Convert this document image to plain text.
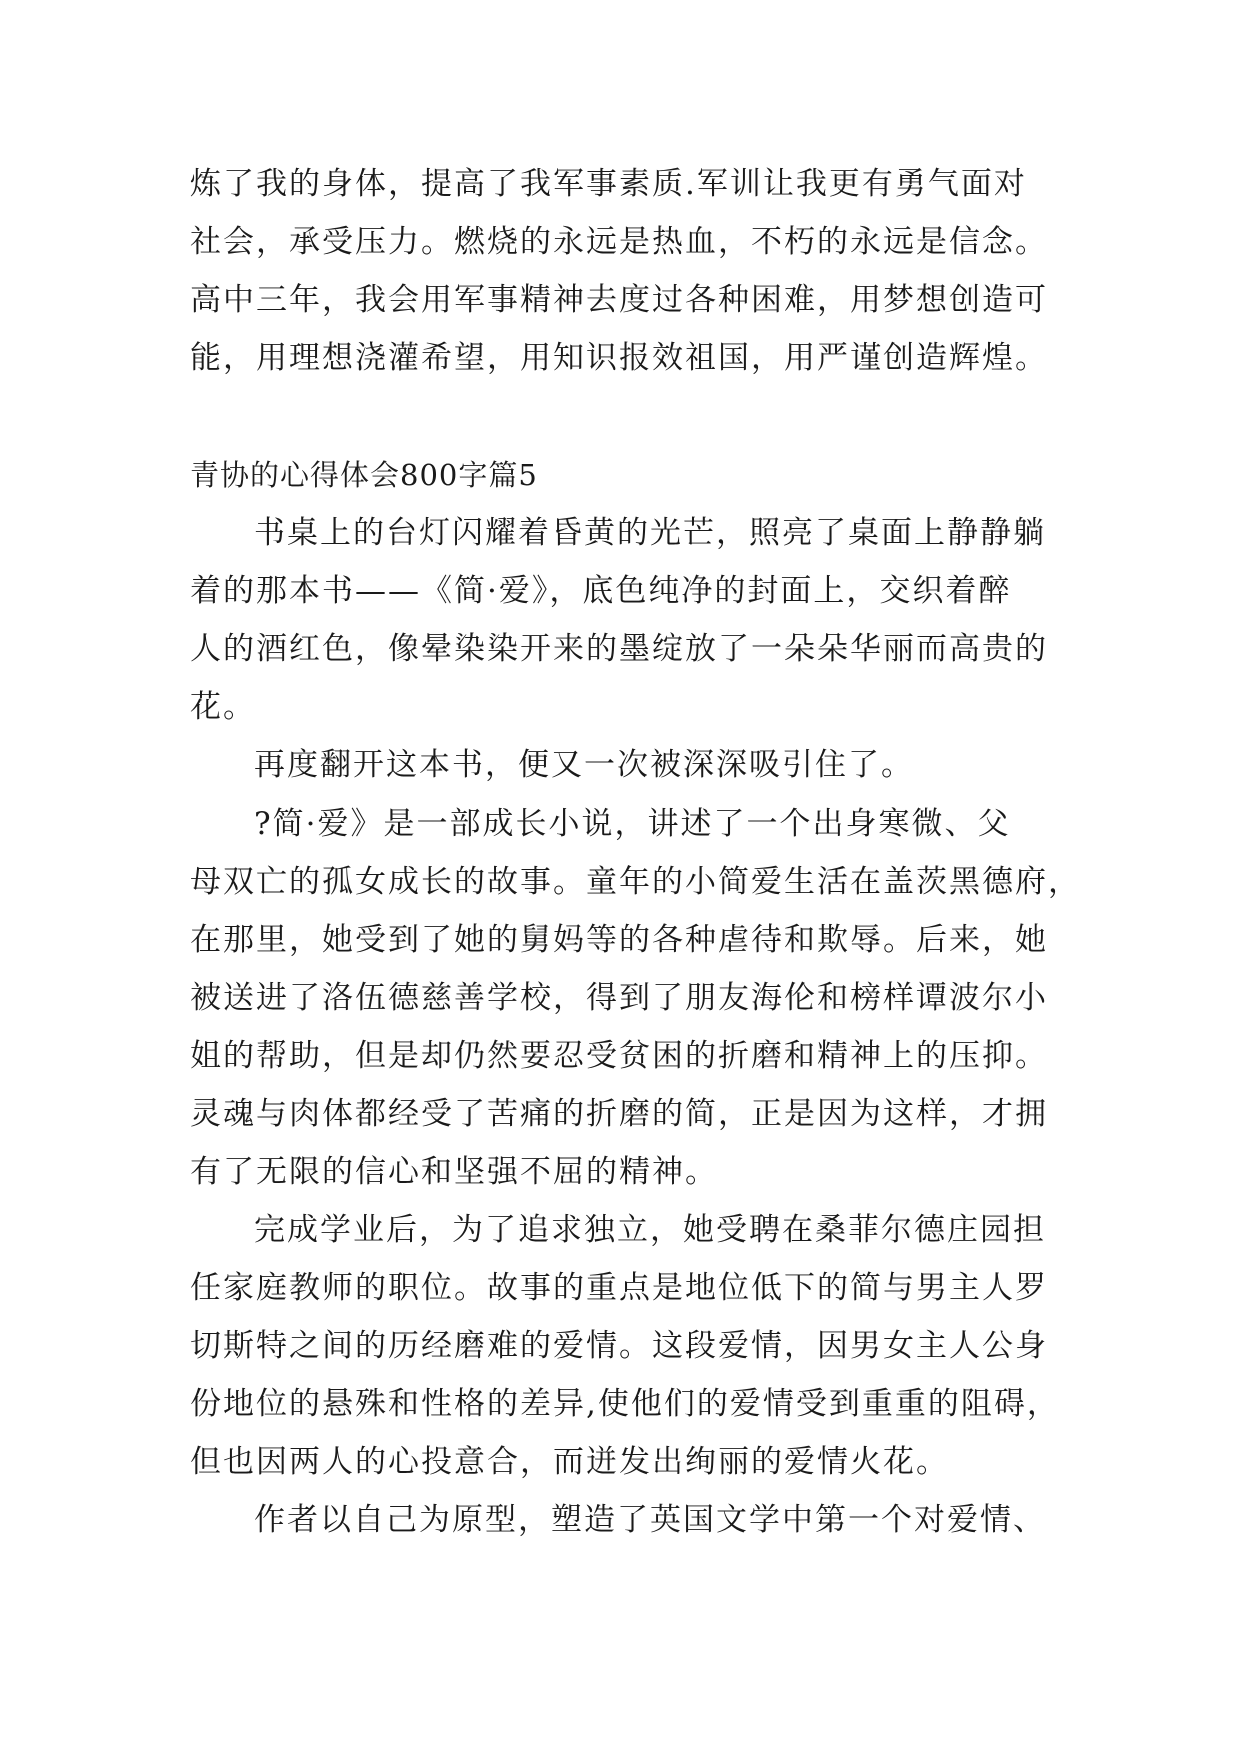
炼了我的身体，提高了我军事素质.军训让我更有勇气面对
社会，承受压力。燃烧的永远是热血，不朽的永远是信念。
高中三年，我会用军事精神去度过各种困难，用梦想创造可
能，用理想浇灌希望，用知识报效祖国，用严谨创造辉煌。
青协的心得体会800字篇5
书桌上的台灯闪耀着昏黄的光芒，照亮了桌面上静静躺
着的那本书——《简·爱》，底色纯净的封面上，交织着醉
人的酒红色，像晕染染开来的墨绽放了一朵朵华丽而高贵的
花。
再度翻开这本书，便又一次被深深吸引住了。
?简·爱》是一部成长小说，讲述了一个出身寒微、父
母双亡的孤女成长的故事。童年的小简爱生活在盖茨黑德府，
在那里，她受到了她的舅妈等的各种虐待和欺辱。后来，她
被送进了洛伍德慈善学校，得到了朋友海伦和榜样谭波尔小
姐的帮助，但是却仍然要忍受贫困的折磨和精神上的压抑。
灵魂与肉体都经受了苦痛的折磨的简，正是因为这样，才拥
有了无限的信心和坚强不屈的精神。
完成学业后，为了追求独立，她受聘在桑菲尔德庄园担
任家庭教师的职位。故事的重点是地位低下的简与男主人罗
切斯特之间的历经磨难的爱情。这段爱情，因男女主人公身
份地位的悬殊和性格的差异,使他们的爱情受到重重的阻碍，
但也因两人的心投意合，而迸发出绚丽的爱情火花。
作者以自己为原型，塑造了英国文学中第一个对爱情、
